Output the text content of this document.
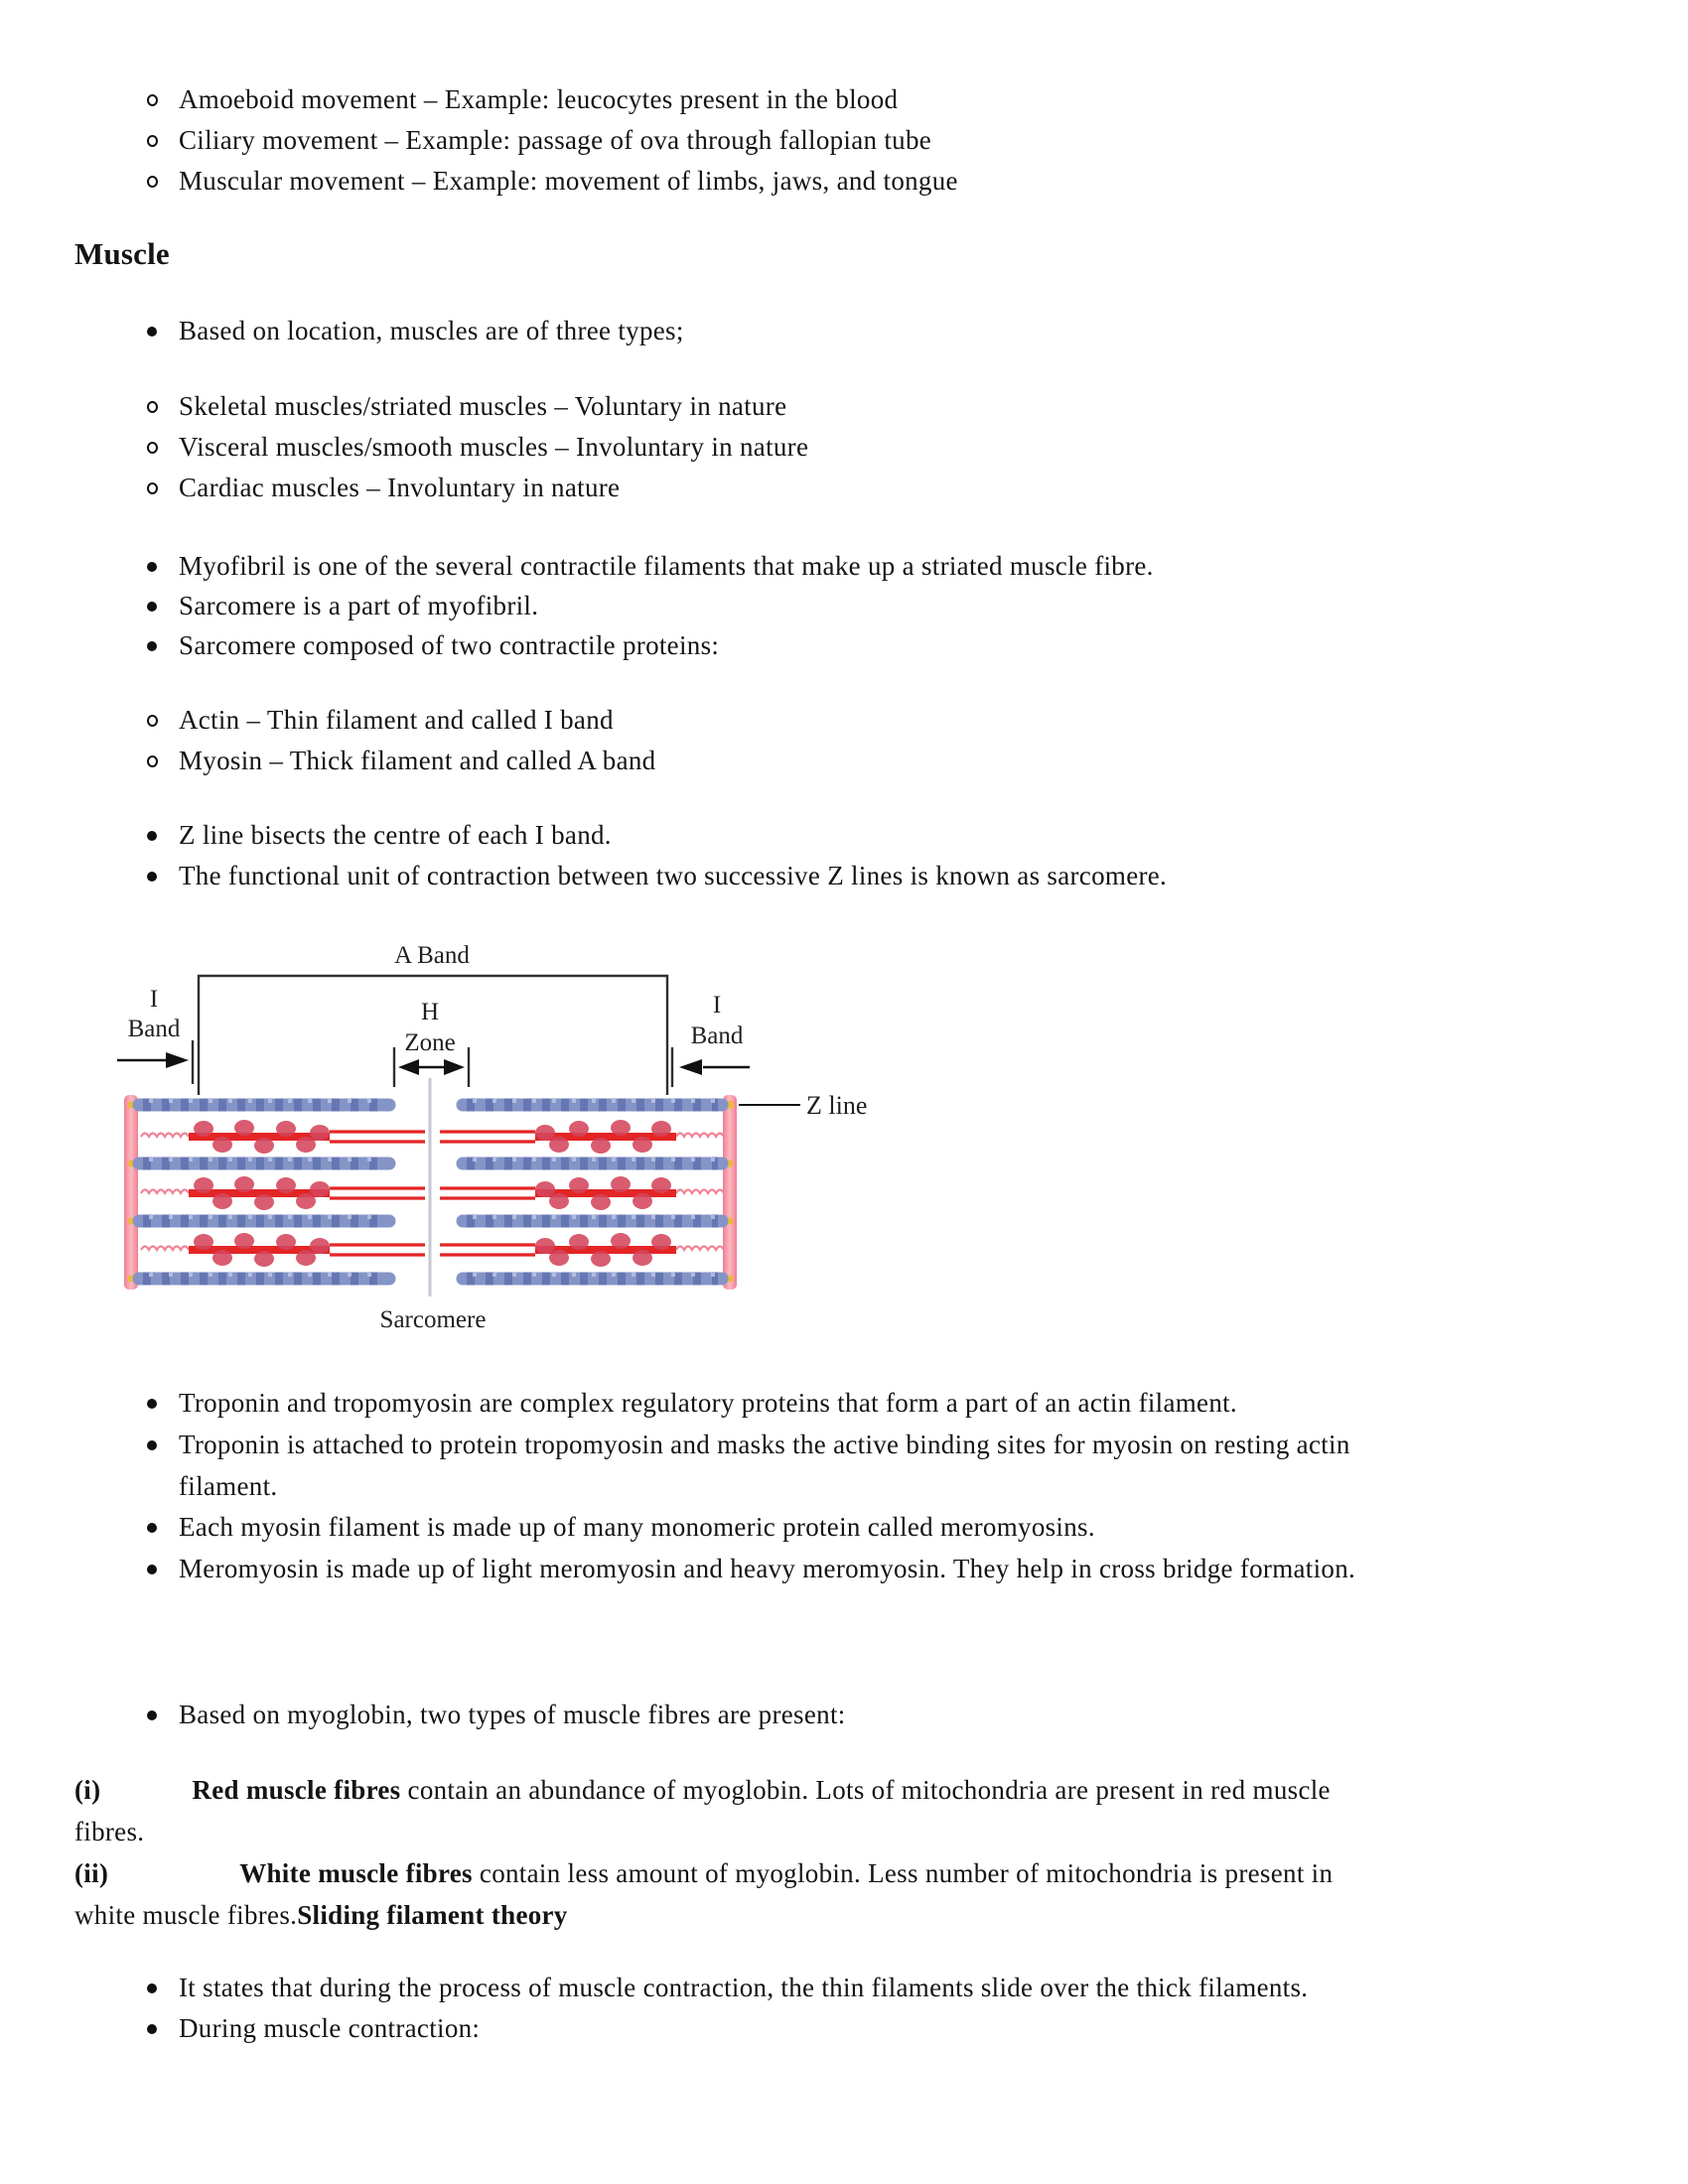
A Band
I
Band
H
Zone
I
Band
Z line
Sarcomere
Amoeboid movement – Example: leucocytes present in the blood
Ciliary movement – Example: passage of ova through fallopian tube
Muscular movement – Example: movement of limbs, jaws, and tongue
Muscle
Based on location, muscles are of three types;
Skeletal muscles/striated muscles – Voluntary in nature
Visceral muscles/smooth muscles – Involuntary in nature
Cardiac muscles – Involuntary in nature
Myofibril is one of the several contractile filaments that make up a striated muscle fibre.
Sarcomere is a part of myofibril.
Sarcomere composed of two contractile proteins:
Actin – Thin filament and called I band
Myosin – Thick filament and called A band
Z line bisects the centre of each I band.
The functional unit of contraction between two successive Z lines is known as sarcomere.
Troponin and tropomyosin are complex regulatory proteins that form a part of an actin filament.
Troponin is attached to protein tropomyosin and masks the active binding sites for myosin on resting actin
filament.
Each myosin filament is made up of many monomeric protein called meromyosins.
Meromyosin is made up of light meromyosin and heavy meromyosin. They help in cross bridge formation.
Based on myoglobin, two types of muscle fibres are present:
(i)	Red muscle fibres contain an abundance of myoglobin. Lots of mitochondria are present in red muscle
fibres.
(ii)	White muscle fibres contain less amount of myoglobin. Less number of mitochondria is present in
white muscle fibres.Sliding filament theory
It states that during the process of muscle contraction, the thin filaments slide over the thick filaments.
During muscle contraction:
